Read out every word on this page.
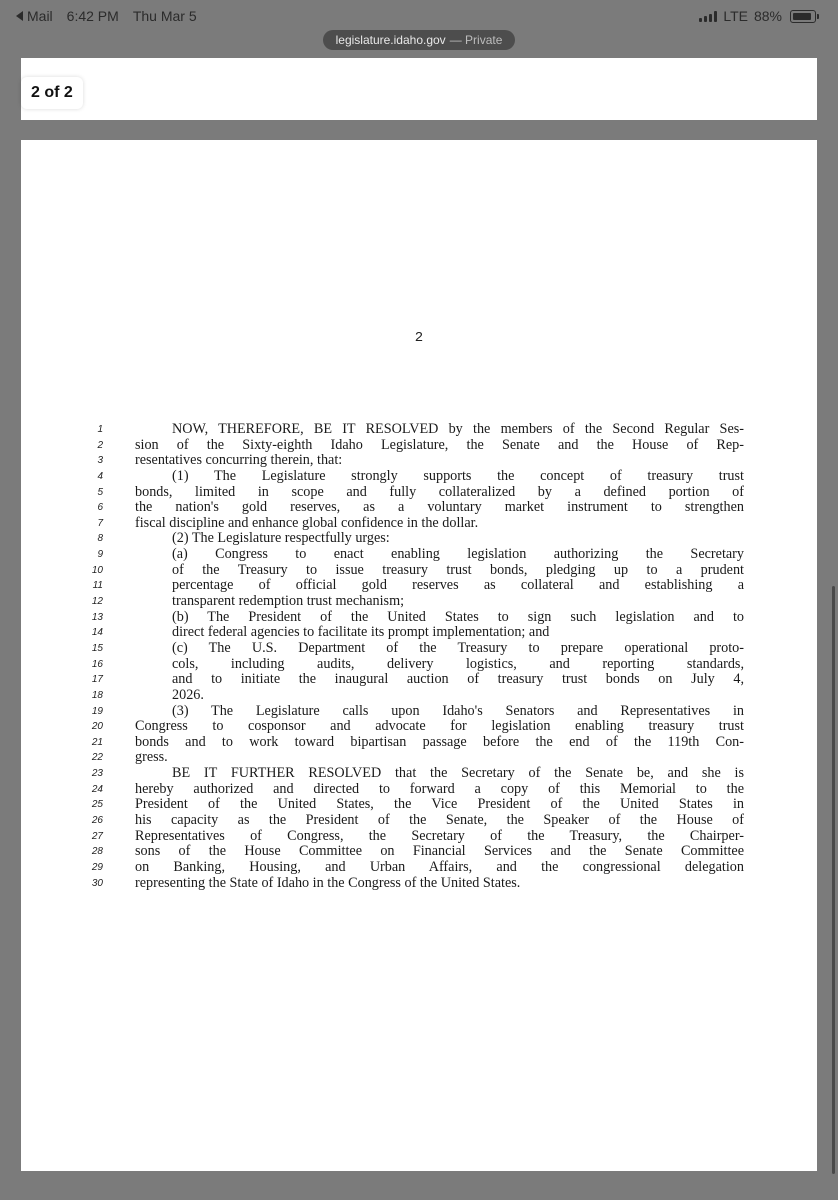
Mail 6:42 PM Thu Mar 5	LTE 88%
legislature.idaho.gov — Private
2 of 2
2
1	NOW, THEREFORE, BE IT RESOLVED by the members of the Second Regular Ses-
2 sion of the Sixty-eighth Idaho Legislature, the Senate and the House of Rep-
3 resentatives concurring therein, that:
4	(1) The Legislature strongly supports the concept of treasury trust
5 bonds, limited in scope and fully collateralized by a defined portion of
6 the nation's gold reserves, as a voluntary market instrument to strengthen
7 fiscal discipline and enhance global confidence in the dollar.
8	(2) The Legislature respectfully urges:
9	(a) Congress to enact enabling legislation authorizing the Secretary
10	of the Treasury to issue treasury trust bonds, pledging up to a prudent
11	percentage of official gold reserves as collateral and establishing a
12	transparent redemption trust mechanism;
13	(b) The President of the United States to sign such legislation and to
14	direct federal agencies to facilitate its prompt implementation; and
15	(c) The U.S. Department of the Treasury to prepare operational proto-
16	cols, including audits, delivery logistics, and reporting standards,
17	and to initiate the inaugural auction of treasury trust bonds on July 4,
18	2026.
19	(3) The Legislature calls upon Idaho's Senators and Representatives in
20 Congress to cosponsor and advocate for legislation enabling treasury trust
21 bonds and to work toward bipartisan passage before the end of the 119th Con-
22 gress.
23	BE IT FURTHER RESOLVED that the Secretary of the Senate be, and she is
24 hereby authorized and directed to forward a copy of this Memorial to the
25 President of the United States, the Vice President of the United States in
26 his capacity as the President of the Senate, the Speaker of the House of
27 Representatives of Congress, the Secretary of the Treasury, the Chairper-
28 sons of the House Committee on Financial Services and the Senate Committee
29 on Banking, Housing, and Urban Affairs, and the congressional delegation
30 representing the State of Idaho in the Congress of the United States.
